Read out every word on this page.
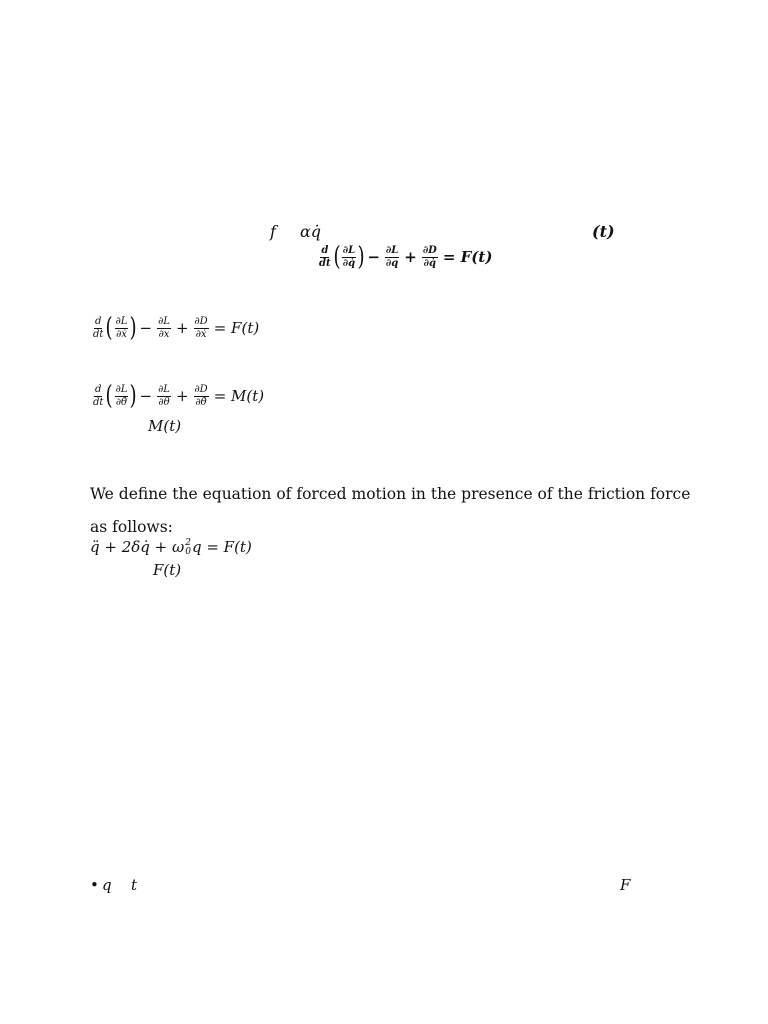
f αq̇	(t)
$\frac{d}{dt}$ ( $\frac{\partial L}{\partial q̇}$ ) − $\frac{\partial L}{\partial q} + \frac{\partial D}{\partial q̇} = F(t)$
$\frac{d}{dt}$ ( $\frac{\partial L}{\text{∂ẋ}}$ ) − $\frac{\partial L}{\partial x} + \frac{\partial D}{\text{∂ẋ}} = F(t)$
$\frac{d}{dt}$ ( $\frac{\partial L}{\partial\thetȧ}$ ) − $\frac{\partial L}{\partial\theta} + \frac{\partial D}{\partial\thetȧ} = M(t)$
M(t)
We define the equation of forced motion in the presence of the friction force
as follows:
q̈ + 2δq̇ + ω 2
0 q = F(t)
F(t)
• q t	F
